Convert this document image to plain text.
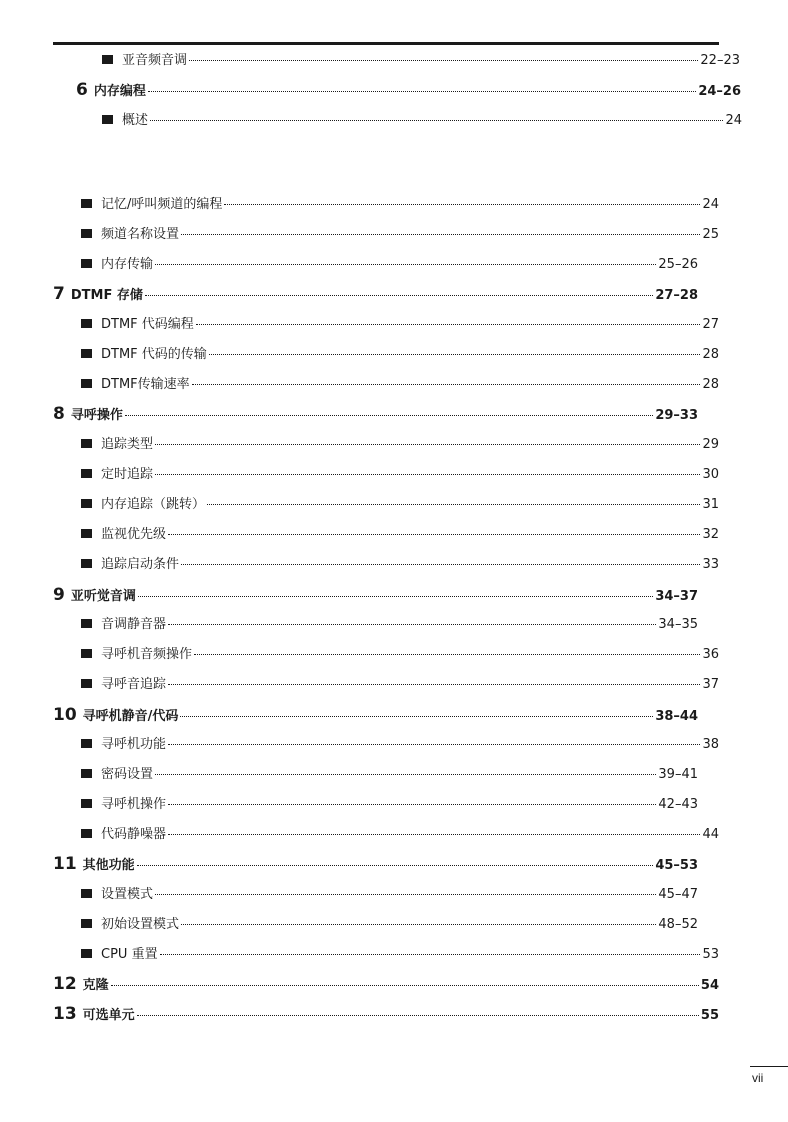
亚音频音调	22–23
6 内存编程	24–26
概述	24
记忆/呼叫频道的编程	24
频道名称设置	25
内存传输	25–26
7 DTMF 存储	27–28
DTMF 代码编程	27
DTMF 代码的传输	28
DTMF传输速率	28
8 寻呼操作	29–33
追踪类型	29
定时追踪	30
内存追踪（跳转）	31
监视优先级	32
追踪启动条件	33
9 亚听觉音调	34–37
音调静音器	34–35
寻呼机音频操作	36
寻呼音追踪	37
10 寻呼机静音/代码	38–44
寻呼机功能	38
密码设置	39–41
寻呼机操作	42–43
代码静噪器	44
11 其他功能	45–53
设置模式	45–47
初始设置模式	48–52
CPU 重置	53
12 克隆	54
13 可选单元	55
vii
